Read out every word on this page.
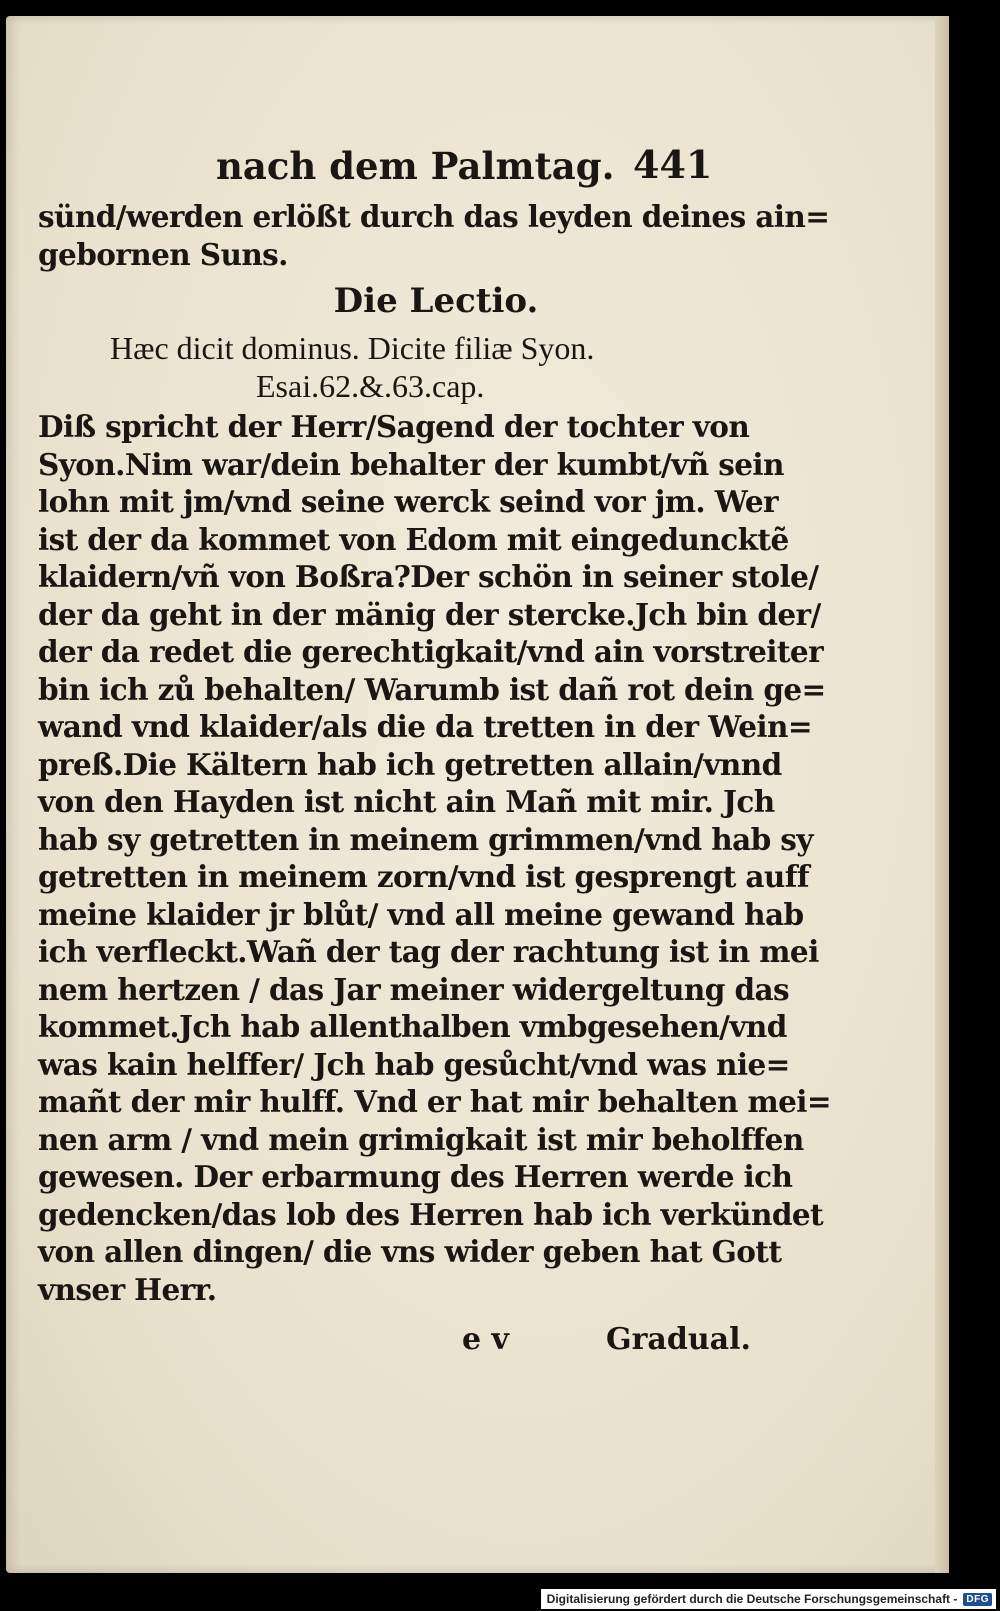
nach dem Palmtag. 441
sünd/werden erlößt durch das leyden deines ain=
gebornen Suns.
Die Lectio.
Hæc dicit dominus. Dicite filiæ Syon.
Esai.62.&.63.cap.
Diß spricht der Herr/Sagend der tochter von
Syon.Nim war/dein behalter der kumbt/vñ sein
lohn mit jm/vnd seine werck seind vor jm. Wer
ist der da kommet von Edom mit eingeduncktẽ
klaidern/vñ von Boßra?Der schön in seiner stole/
der da geht in der mänig der stercke.Jch bin der/
der da redet die gerechtigkait/vnd ain vorstreiter
bin ich zů behalten/ Warumb ist dañ rot dein ge=
wand vnd klaider/als die da tretten in der Wein=
preß.Die Kältern hab ich getretten allain/vnnd
von den Hayden ist nicht ain Mañ mit mir. Jch
hab sy getretten in meinem grimmen/vnd hab sy
getretten in meinem zorn/vnd ist gesprengt auff
meine klaider jr blůt/ vnd all meine gewand hab
ich verfleckt.Wañ der tag der rachtung ist in mei
nem hertzen / das Jar meiner widergeltung das
kommet.Jch hab allenthalben vmbgesehen/vnd
was kain helffer/ Jch hab gesůcht/vnd was nie=
mañt der mir hulff. Vnd er hat mir behalten mei=
nen arm / vnd mein grimigkait ist mir beholffen
gewesen. Der erbarmung des Herren werde ich
gedencken/das lob des Herren hab ich verkündet
von allen dingen/ die vns wider geben hat Gott
vnser Herr.
e v	Gradual.
Digitalisierung gefördert durch die Deutsche Forschungsgemeinschaft - DFG
